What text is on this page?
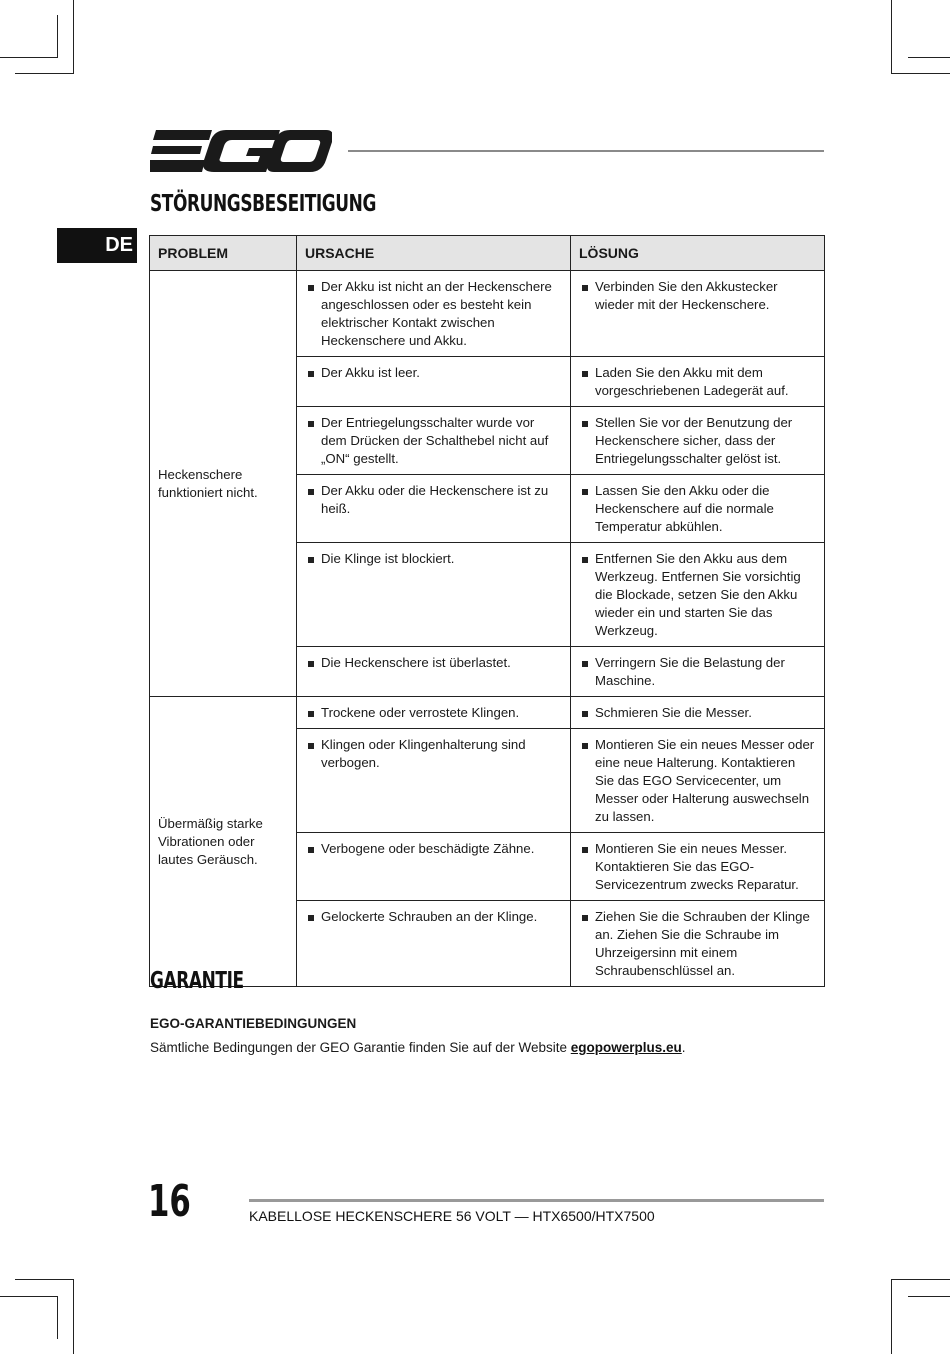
STÖRUNGSBESEITIGUNG
DE PROBLEM	URSACHE	LÖSUNG
Heckenschere funktioniert nicht.	Der Akku ist nicht an der Heckenschere angeschlossen oder es besteht kein elektrischer Kontakt zwischen Heckenschere und Akku.	Verbinden Sie den Akkustecker wieder mit der Heckenschere.

	Der Akku ist leer.	Laden Sie den Akku mit dem vorgeschriebenen Ladegerät auf.

	Der Entriegelungsschalter wurde vor dem Drücken der Schalthebel nicht auf „ON“ gestellt.	Stellen Sie vor der Benutzung der Heckenschere sicher, dass der Entriegelungsschalter gelöst ist.

	Der Akku oder die Heckenschere ist zu heiß.	Lassen Sie den Akku oder die Heckenschere auf die normale Temperatur abkühlen.

	Die Klinge ist blockiert.	Entfernen Sie den Akku aus dem Werkzeug. Entfernen Sie vorsichtig die Blockade, setzen Sie den Akku wieder ein und starten Sie das Werkzeug.

	Die Heckenschere ist überlastet.	Verringern Sie die Belastung der Maschine.

Übermäßig starke Vibrationen oder lautes Geräusch.	Trockene oder verrostete Klingen.	Schmieren Sie die Messer.

	Klingen oder Klingenhalterung sind verbogen.	Montieren Sie ein neues Messer oder eine neue Halterung. Kontaktieren Sie das EGO Servicecenter, um Messer oder Halterung auswechseln zu lassen.

	Verbogene oder beschädigte Zähne.	Montieren Sie ein neues Messer. Kontaktieren Sie das EGO-Servicezentrum zwecks Reparatur.

	Gelockerte Schrauben an der Klinge.	Ziehen Sie die Schrauben der Klinge an. Ziehen Sie die Schraube im Uhrzeigersinn mit einem Schraubenschlüssel an.
GARANTIE
EGO-GARANTIEBEDINGUNGEN
Sämtliche Bedingungen der GEO Garantie finden Sie auf der Website egopowerplus.eu.
16	KABELLOSE HECKENSCHERE 56 VOLT — HTX6500/HTX7500
